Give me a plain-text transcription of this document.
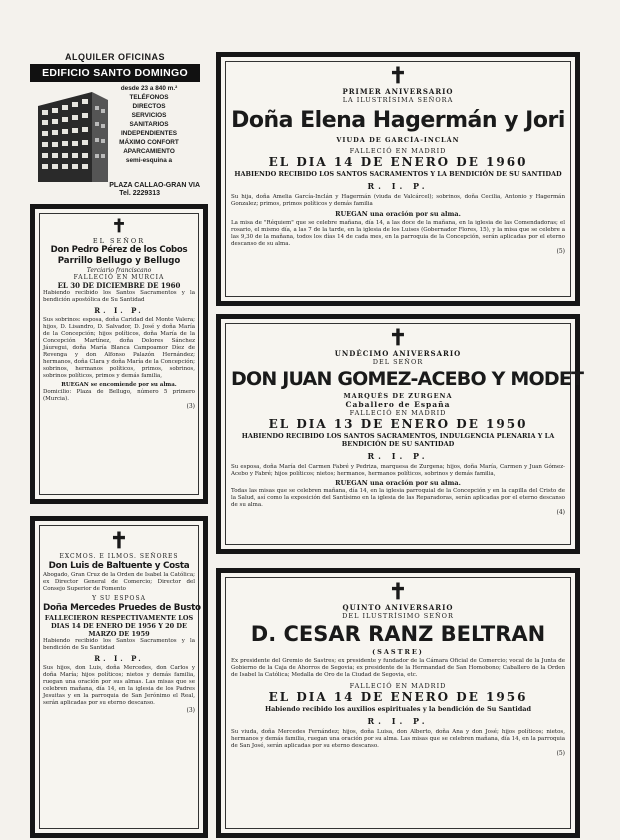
ALQUILER OFICINAS
EDIFICIO SANTO DOMINGO
desde 23 a 840 m.²
TELÉFONOS
DIRECTOS
SERVICIOS
SANITARIOS
INDEPENDIENTES
MÁXIMO CONFORT
APARCAMIENTO
semi-esquina a
PLAZA CALLAO-GRAN VIA
Tel. 2229313
✝
PRIMER ANIVERSARIO
LA ILUSTRÍSIMA SEÑORA
Doña Elena Hagermán y Jori
VIUDA DE GARCÍA-INCLÁN
FALLECIÓ EN MADRID
EL DIA 14 DE ENERO DE 1960
HABIENDO RECIBIDO LOS SANTOS SACRAMENTOS Y LA BENDICIÓN DE SU SANTIDAD
R. I. P.
Su hija, doña Amelia García-Inclán y Hagermán (viuda de Valcárcel); sobrinos, doña Cecilia, Antonio y Hagermán Gonzalez; primos, primos políticos y demás familia
RUEGAN una oración por su alma.
La misa de "Réquiem" que se celebre mañana, día 14, a las doce de la mañana, en la iglesia de las Comendadoras; el rosario, el mismo día, a las 7 de la tarde, en la iglesia de los Luises (Gobernador Flores, 15), y la misa que se celebre a las 9,30 de la mañana, todos los días 14 de cada mes, en la parroquia de la Concepción, serán aplicadas por el eterno descanso de su alma.
(5)
✝
UNDÉCIMO ANIVERSARIO
DEL SEÑOR
DON JUAN GOMEZ-ACEBO Y MODET
MARQUÉS DE ZURGENA
Caballero de España
FALLECIÓ EN MADRID
EL DIA 13 DE ENERO DE 1950
HABIENDO RECIBIDO LOS SANTOS SACRAMENTOS, INDULGENCIA PLENARIA Y LA BENDICIÓN DE SU SANTIDAD
R. I. P.
Su esposa, doña María del Carmen Fabré y Pedriza, marquesa de Zurgena; hijos, doña María, Carmen y Juan Gómez-Acebo y Fabré; hijos políticos; nietos; hermanos, hermanos políticos, sobrinos y demás familia,
RUEGAN una oración por su alma.
Todas las misas que se celebren mañana, día 14, en la iglesia parroquial de la Concepción y en la capilla del Cristo de la Salud, así como la exposición del Santísimo en la iglesia de las Reparadoras, serán aplicadas por el eterno descanso de su alma.
(4)
✝
QUINTO ANIVERSARIO
DEL ILUSTRÍSIMO SEÑOR
D. CESAR RANZ BELTRAN
(SASTRE)
Ex presidente del Gremio de Sastres; ex presidente y fundador de la Cámara Oficial de Comercio; vocal de la Junta de Gobierno de la Caja de Ahorros de Segovia; ex presidente de la Hermandad de San Homobono; Caballero de la Orden de Isabel la Católica; Medalla de Oro de la Ciudad de Segovia, etc.
FALLECIÓ EN MADRID
EL DIA 14 DE ENERO DE 1956
Habiendo recibido los auxilios espirituales y la bendición de Su Santidad
R. I. P.
Su viuda, doña Mercedes Fernández; hijos, doña Luisa, don Alberto, doña Ana y don José; hijos políticos; nietos, hermanos y demás familia, ruegan una oración por su alma. Las misas que se celebren mañana, día 14, en la parroquia de San José, serán aplicadas por su eterno descanso.
(5)
✝
EL SEÑOR
Don Pedro Pérez de los Cobos
Parrillo Bellugo y Bellugo
Terciario franciscano
FALLECIÓ EN MURCIA
EL 30 DE DICIEMBRE DE 1960
Habiendo recibido los Santos Sacramentos y la bendición apostólica de Su Santidad
R. I. P.
Sus sobrinos: esposa, doña Caridad del Monte Valera; hijos, D. Lisandro, D. Salvador, D. José y doña María de la Concepción; hijos políticos, doña María de la Concepción Martínez, doña Dolores Sánchez Jáuregui, doña María Blanca Campoamor Díez de Revenga y don Alfonso Palazón Hernández; hermanos, doña Clara y doña María de la Concepción; sobrinos, hermanos políticos, primos, sobrinos, sobrinos políticos, primos y demás familia,
RUEGAN se encomiende por su alma.
Domicilio: Plaza de Bellugo, número 5 primero (Murcia).
(3)
✝
EXCMOS. E ILMOS. SEÑORES
Don Luis de Baltuente y Costa
Abogado, Gran Cruz de la Orden de Isabel la Católica; ex Director General de Comercio; Director del Consejo Superior de Fomento
Y SU ESPOSA
Doña Mercedes Pruedes de Busto
FALLECIERON RESPECTIVAMENTE LOS DIAS 14 DE ENERO DE 1956 Y 20 DE MARZO DE 1959
Habiendo recibido los Santos Sacramentos y la bendición de Su Santidad
R. I. P.
Sus hijos, don Luis, doña Mercedes, don Carlos y doña María; hijos políticos; nietos y demás familia, ruegan una oración por sus almas. Las misas que se celebren mañana, día 14, en la iglesia de los Padres Jesuitas y en la parroquia de San Jerónimo el Real, serán aplicadas por su eterno descanso.
(3)
